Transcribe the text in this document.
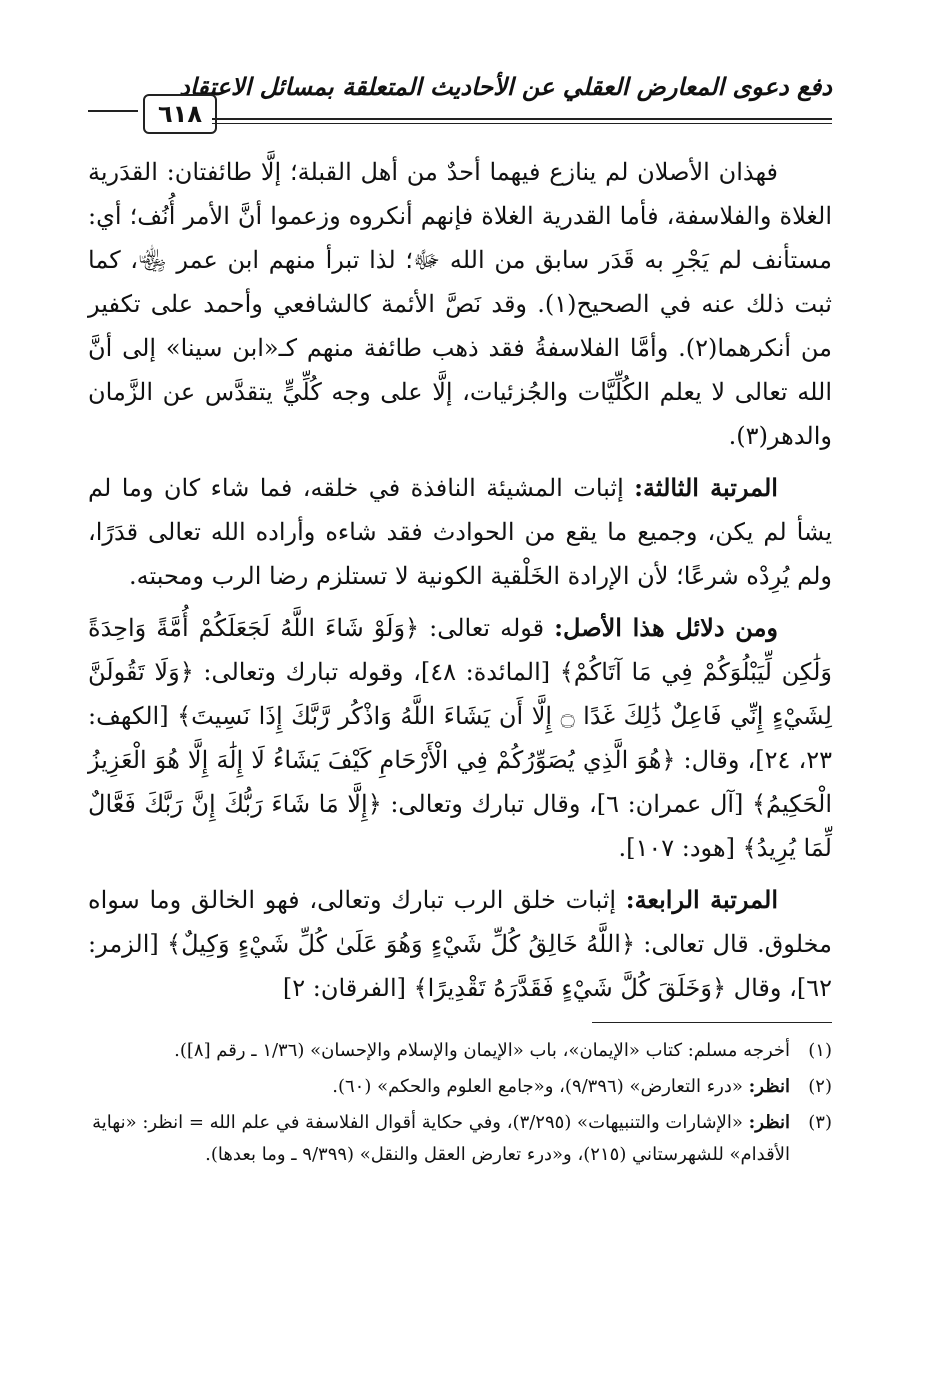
دفع دعوى المعارض العقلي عن الأحاديث المتعلقة بمسائل الاعتقاد
٦١٨

فهذان الأصلان لم ينازع فيهما أحدٌ من أهل القبلة؛ إلَّا طائفتان: القدَرية الغلاة والفلاسفة، فأما القدرية الغلاة فإنهم أنكروه وزعموا أنَّ الأمر أُنُف؛ أي: مستأنف لم يَجْرِ به قَدَر سابق من الله ﷻ؛ لذا تبرأ منهم ابن عمر ﵄، كما ثبت ذلك عنه في الصحيح(١). وقد نَصَّ الأئمة كالشافعي وأحمد على تكفير من أنكرهما(٢). وأمَّا الفلاسفةُ فقد ذهب طائفة منهم كـ«ابن سينا» إلى أنَّ الله تعالى لا يعلم الكُلِّيَّات والجُزئيات، إلَّا على وجه كُلِّيٍّ يتقدَّس عن الزَّمان والدهر(٣).

المرتبة الثالثة: إثبات المشيئة النافذة في خلقه، فما شاء كان وما لم يشأ لم يكن، وجميع ما يقع من الحوادث فقد شاءه وأراده الله تعالى قدَرًا، ولم يُرِدْه شرعًا؛ لأن الإرادة الخَلْقية الكونية لا تستلزم رضا الرب ومحبته.

ومن دلائل هذا الأصل: قوله تعالى: ﴿وَلَوْ شَاءَ اللَّهُ لَجَعَلَكُمْ أُمَّةً وَاحِدَةً وَلَٰكِن لِّيَبْلُوَكُمْ فِي مَا آتَاكُمْ﴾ [المائدة: ٤٨]، وقوله تبارك وتعالى: ﴿وَلَا تَقُولَنَّ لِشَيْءٍ إِنِّي فَاعِلٌ ذَٰلِكَ غَدًا ۝ إِلَّا أَن يَشَاءَ اللَّهُ وَاذْكُر رَّبَّكَ إِذَا نَسِيتَ﴾ [الكهف: ٢٣، ٢٤]، وقال: ﴿هُوَ الَّذِي يُصَوِّرُكُمْ فِي الْأَرْحَامِ كَيْفَ يَشَاءُ لَا إِلَٰهَ إِلَّا هُوَ الْعَزِيزُ الْحَكِيمُ﴾ [آل عمران: ٦]، وقال تبارك وتعالى: ﴿إِلَّا مَا شَاءَ رَبُّكَ إِنَّ رَبَّكَ فَعَّالٌ لِّمَا يُرِيدُ﴾ [هود: ١٠٧].

المرتبة الرابعة: إثبات خلق الرب تبارك وتعالى، فهو الخالق وما سواه مخلوق. قال تعالى: ﴿اللَّهُ خَالِقُ كُلِّ شَيْءٍ وَهُوَ عَلَىٰ كُلِّ شَيْءٍ وَكِيلٌ﴾ [الزمر: ٦٢]، وقال ﴿وَخَلَقَ كُلَّ شَيْءٍ فَقَدَّرَهُ تَقْدِيرًا﴾ [الفرقان: ٢]

(١)
أخرجه مسلم: كتاب «الإيمان»، باب «الإيمان والإسلام والإحسان» (١/٣٦ ـ رقم [٨]).
(٢)
انظر: «درء التعارض» (٩/٣٩٦)، و«جامع العلوم والحكم» (٦٠).
(٣)
انظر: «الإشارات والتنبيهات» (٣/٢٩٥)، وفي حكاية أقوال الفلاسفة في علم الله = انظر: «نهاية الأقدام» للشهرستاني (٢١٥)، و«درء تعارض العقل والنقل» (٩/٣٩٩ ـ وما بعدها).
